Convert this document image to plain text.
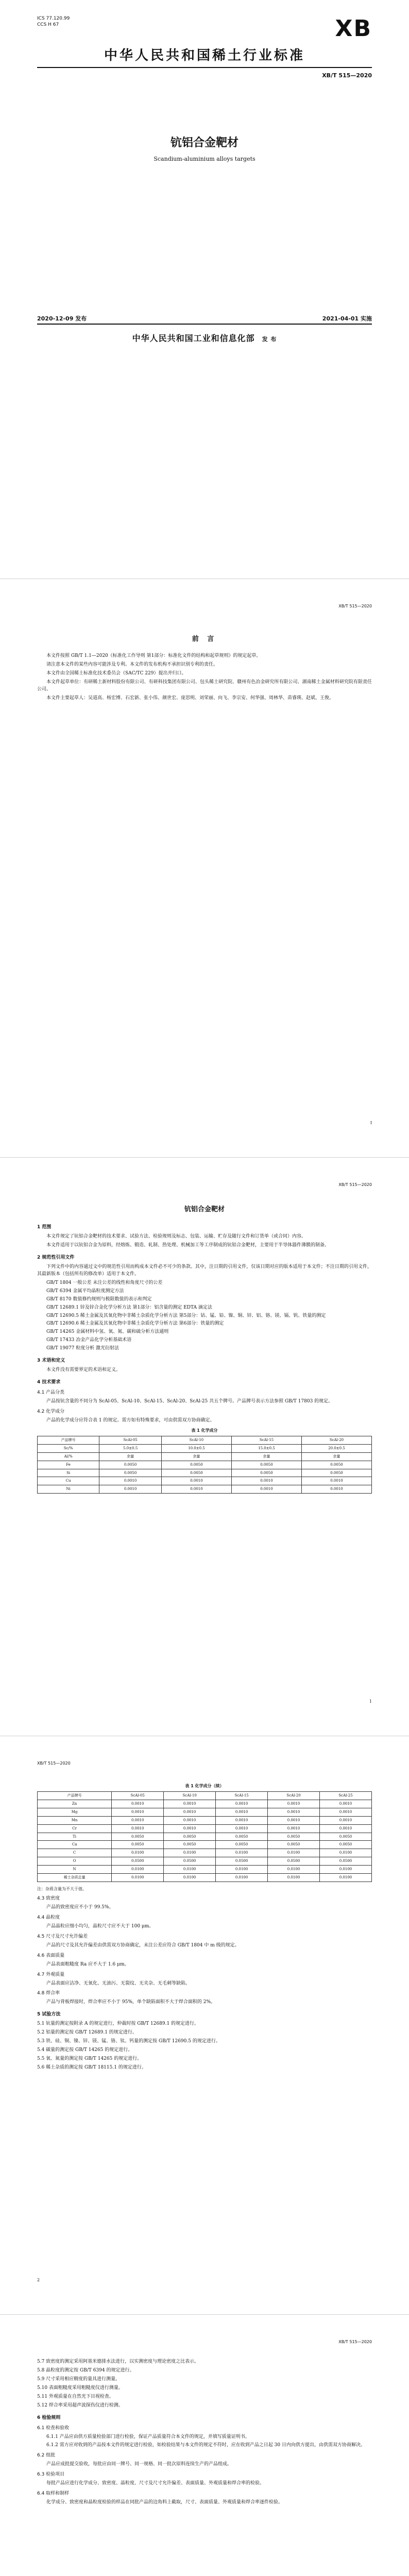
ICS 77.120.99
CCS H 67	XB
中华人民共和国稀土行业标准
XB/T 515—2020
钪铝合金靶材
Scandium-aluminium alloys targets
2020-12-09 发布	2021-04-01 实施
中华人民共和国工业和信息化部 发 布
XB/T 515—2020
前 言

本文件按照 GB/T 1.1—2020《标准化工作导则 第1部分：标准化文件的结构和起草规则》的规定起草。

请注意本文件的某些内容可能涉及专利。本文件的发布机构不承担识别专利的责任。

本文件由全国稀土标准化技术委员会（SAC/TC 229）提出并归口。

本文件起草单位：有研稀土新材料股份有限公司、有研科技集团有限公司、包头稀土研究院、赣州有色冶金研究所有限公司、湖南稀土金属材料研究院有限责任公司。

本文件主要起草人：吴道高、杨宏博、石宏新、张小伟、颜世宏、庞思明、刘荣丽、向飞、李宗安、何华强、周林华、苗睿瑛、赵斌、王俊。

I
XB/T 515—2020
钪铝合金靶材
1 范围

本文件规定了钪铝合金靶材的技术要求、试验方法、检验规则及标志、包装、运输、贮存及随行文件和订货单（或合同）内容。

本文件适用于以钪铝合金为原料，经熔炼、锻造、轧制、热处理、机械加工等工序制成的钪铝合金靶材，主要用于半导体器件薄膜的制备。

2 规范性引用文件

下列文件中的内容通过文中的规范性引用而构成本文件必不可少的条款。其中，注日期的引用文件，仅该日期对应的版本适用于本文件；不注日期的引用文件，其最新版本（包括所有的修改单）适用于本文件。

GB/T 1804 一般公差 未注公差的线性和角度尺寸的公差
GB/T 6394 金属平均晶粒度测定方法
GB/T 8170 数值修约规则与极限数值的表示和判定
GB/T 12689.1 锌及锌合金化学分析方法 第1部分：铝含量的测定 EDTA 滴定法
GB/T 12690.5 稀土金属及其氧化物中非稀土杂质化学分析方法 第5部分：钴、锰、铅、镍、铜、锌、铝、铬、镁、镉、钒、铁量的测定
GB/T 12690.6 稀土金属及其氧化物中非稀土杂质化学分析方法 第6部分：铁量的测定
GB/T 14265 金属材料中氢、氧、氮、碳和硫分析方法通则
GB/T 17433 冶金产品化学分析基础术语
GB/T 19077 粒度分析 激光衍射法
3 术语和定义

本文件没有需要界定的术语和定义。

4 技术要求
4.1 产品分类

产品按钪含量的不同分为 ScAl-05、ScAl-10、ScAl-15、ScAl-20、ScAl-25 共五个牌号。产品牌号表示方法参照 GB/T 17803 的规定。

4.2 化学成分

产品的化学成分应符合表 1 的规定。需方如有特殊要求，可由供需双方协商确定。

表 1 化学成分
产品牌号	ScAl-05	ScAl-10	ScAl-15	ScAl-20
Sc/%	5.0±0.5	10.0±0.5	15.0±0.5	20.0±0.5
Al/%	余量	余量	余量	余量
Fe	0.0050	0.0050	0.0050	0.0050
Si	0.0050	0.0050	0.0050	0.0050
Cu	0.0010	0.0010	0.0010	0.0010
Ni	0.0010	0.0010	0.0010	0.0010
1
XB/T 515—2020
表 1 化学成分（续）
产品牌号	ScAl-05	ScAl-10	ScAl-15	ScAl-20	ScAl-25
Zn	0.0010	0.0010	0.0010	0.0010	0.0010
Mg	0.0010	0.0010	0.0010	0.0010	0.0010
Mn	0.0010	0.0010	0.0010	0.0010	0.0010
Cr	0.0010	0.0010	0.0010	0.0010	0.0010
Ti	0.0050	0.0050	0.0050	0.0050	0.0050
Ca	0.0050	0.0050	0.0050	0.0050	0.0050
C	0.0100	0.0100	0.0100	0.0100	0.0100
O	0.0500	0.0500	0.0500	0.0500	0.0500
N	0.0100	0.0100	0.0100	0.0100	0.0100
稀土杂质总量	0.0100	0.0100	0.0100	0.0100	0.0100
注：杂质含量为不大于值。
4.3 致密度

产品的致密度应不小于 99.5%。

4.4 晶粒度

产品晶粒应细小均匀，晶粒尺寸应不大于 100 μm。

4.5 尺寸及尺寸允许偏差

产品的尺寸及其允许偏差由供需双方协商确定，未注公差应符合 GB/T 1804 中 m 级的规定。

4.6 表面质量

产品表面粗糙度 Ra 应不大于 1.6 μm。

4.7 外观质量

产品表面应洁净、无氧化、无油污、无裂纹、无夹杂、无毛刺等缺陷。

4.8 焊合率

产品与背板焊接时，焊合率应不小于 95%，单个缺陷面积不大于焊合面积的 2%。

5 试验方法

5.1 钪量的测定按附录 A 的规定进行，仲裁时按 GB/T 12689.1 的规定进行。

5.2 铝量的测定按 GB/T 12689.1 的规定进行。

5.3 铁、硅、铜、镍、锌、镁、锰、铬、钛、钙量的测定按 GB/T 12690.5 的规定进行。

5.4 碳量的测定按 GB/T 14265 的规定进行。

5.5 氧、氮量的测定按 GB/T 14265 的规定进行。

5.6 稀土杂质的测定按 GB/T 18115.1 的规定进行。

2
XB/T 515—2020

5.7 致密度的测定采用阿基米德排水法进行，以实测密度与理论密度之比表示。

5.8 晶粒度的测定按 GB/T 6394 的规定进行。

5.9 尺寸采用相应精度的量具进行测量。

5.10 表面粗糙度采用粗糙度仪进行测量。

5.11 外观质量在自然光下目视检查。

5.12 焊合率采用超声波探伤仪进行检测。

6 检验规则
6.1 检查和验收

6.1.1 产品应由供方质量检验部门进行检验，保证产品质量符合本文件的规定，并填写质量证明书。

6.1.2 需方应对收到的产品按本文件的规定进行检验，如检验结果与本文件的规定不符时，应在收到产品之日起 30 日内向供方提出，由供需双方协商解决。

6.2 组批

产品应成批提交验收，每批应由同一牌号、同一规格、同一批次原料连续生产的产品组成。

6.3 检验项目

每批产品应进行化学成分、致密度、晶粒度、尺寸及尺寸允许偏差、表面质量、外观质量和焊合率的检验。

6.4 取样和制样

化学成分、致密度和晶粒度检验的样品在同批产品的边角料上截取，尺寸、表面质量、外观质量和焊合率逐件检验。
